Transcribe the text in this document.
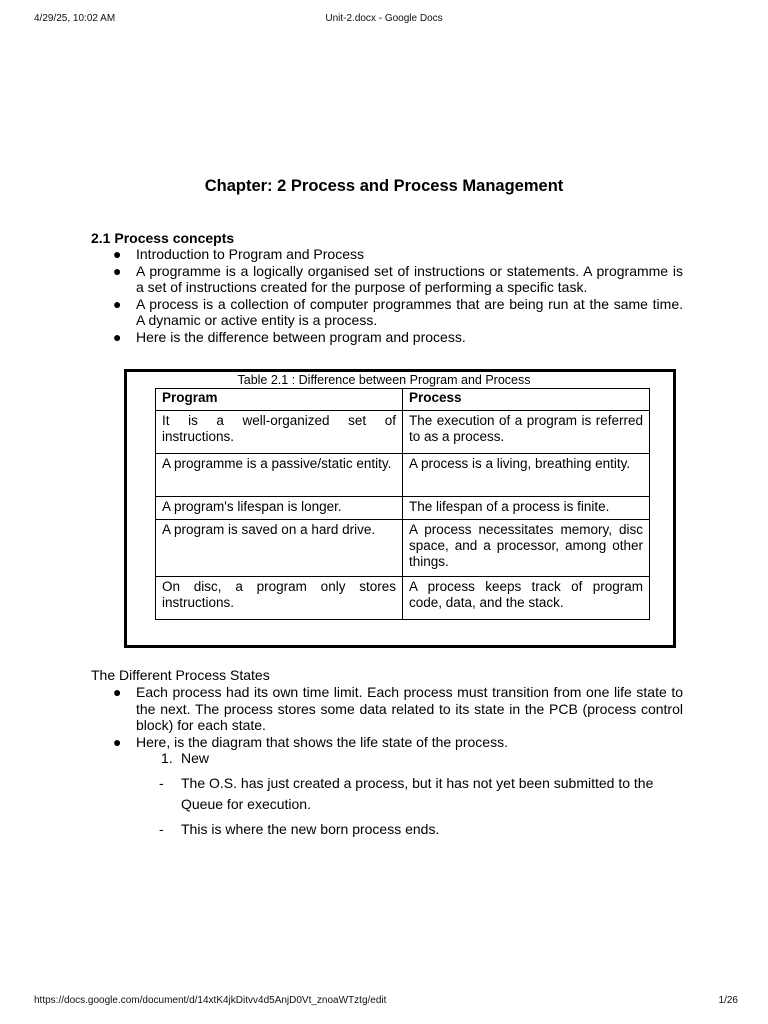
4/29/25, 10:02 AM	Unit-2.docx - Google Docs
Chapter: 2 Process and Process Management
2.1 Process concepts
● Introduction to Program and Process
● A programme is a logically organised set of instructions or statements. A programme is a set of instructions created for the purpose of performing a specific task.
● A process is a collection of computer programmes that are being run at the same time. A dynamic or active entity is a process.
● Here is the difference between program and process.
Table 2.1 : Difference between Program and Process
Program	Process
It is a well-organized set of instructions.	The execution of a program is referred to as a process.
A programme is a passive/static entity.	A process is a living, breathing entity.
A program's lifespan is longer.	The lifespan of a process is finite.
A program is saved on a hard drive.	A process necessitates memory, disc space, and a processor, among other things.
On disc, a program only stores instructions.	A process keeps track of program code, data, and the stack.
The Different Process States
● Each process had its own time limit. Each process must transition from one life state to the next. The process stores some data related to its state in the PCB (process control block) for each state.
● Here, is the diagram that shows the life state of the process.
1. New
- The O.S. has just created a process, but it has not yet been submitted to the Queue for execution.
- This is where the new born process ends.
https://docs.google.com/document/d/14xtK4jkDitvv4d5AnjD0Vt_znoaWTztg/edit	1/26
